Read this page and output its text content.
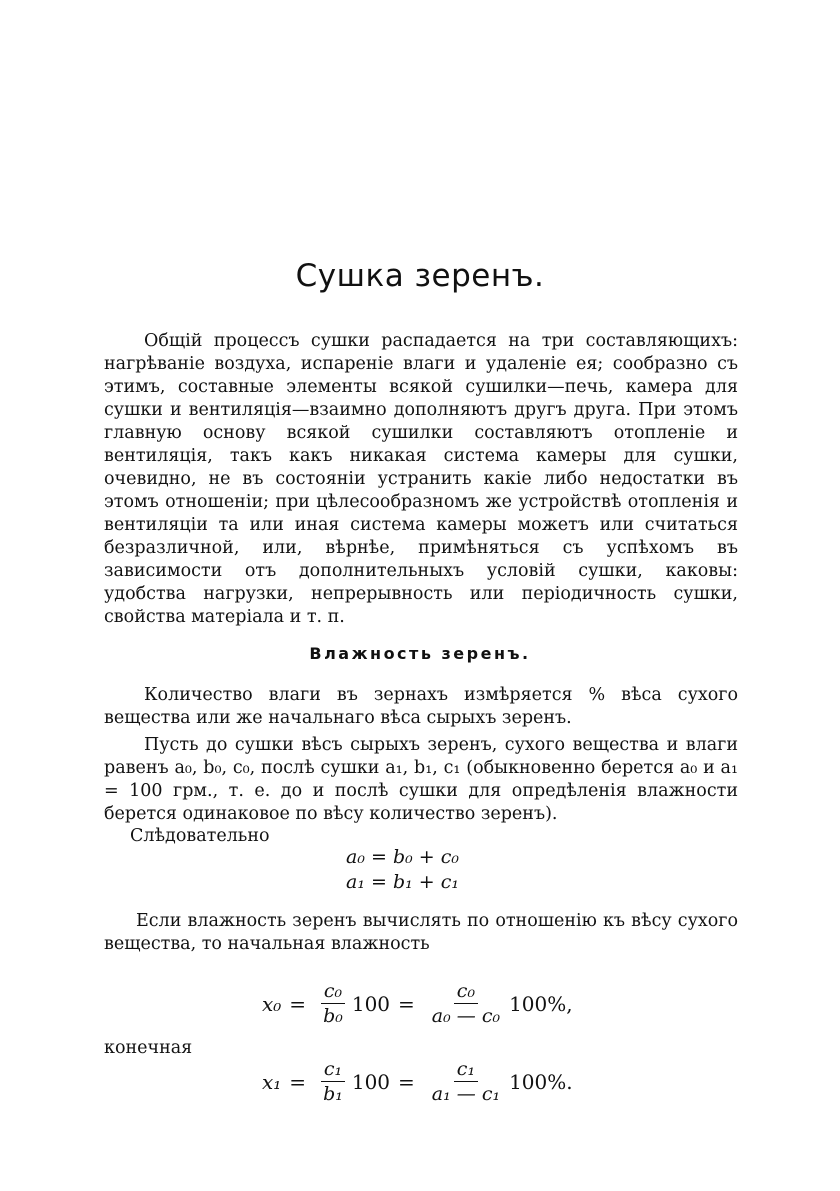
Сушка зеренъ.

Общій процессъ сушки распадается на три составляющихъ: нагрѣваніе воздуха, испареніе влаги и удаленіе ея; сообразно съ этимъ, составные элементы всякой сушилки—печь, камера для сушки и вентиляція—взаимно дополняютъ другъ друга. При этомъ главную основу всякой сушилки составляютъ отопленіе и вентиляція, такъ какъ никакая система камеры для сушки, очевидно, не въ состояніи устранить какіе либо недостатки въ этомъ отношеніи; при цѣлесообразномъ же устройствѣ отопленія и вентиляціи та или иная система камеры можетъ или считаться безразличной, или, вѣрнѣе, примѣняться съ успѣхомъ въ зависимости отъ дополнительныхъ условій сушки, каковы: удобства нагрузки, непрерывность или періодичность сушки, свойства матеріала и т. п.

Влажность зеренъ.

Количество влаги въ зернахъ измѣряется % вѣса сухого вещества или же начальнаго вѣса сырыхъ зеренъ.

Пусть до сушки вѣсъ сырыхъ зеренъ, сухого вещества и влаги равенъ a₀, b₀, c₀, послѣ сушки a₁, b₁, c₁ (обыкновенно берется a₀ и a₁ = 100 грм., т. е. до и послѣ сушки для опредѣленія влажности берется одинаковое по вѣсу количество зеренъ).

Слѣдовательно
a₀ = b₀ + c₀
a₁ = b₁ + c₁

Если влажность зеренъ вычислять по отношенію къ вѣсу сухого вещества, то начальная влажность

$x_0 = \frac{\text{c₀}}{\text{b₀}} 100 = \frac{\text{c₀}}{\text{a₀ — c₀}} 100\%$,
конечная
$x_1 = \frac{\text{c₁}}{\text{b₁}} 100 = \frac{\text{c₁}}{\text{a₁ — c₁}} 100\%$.
